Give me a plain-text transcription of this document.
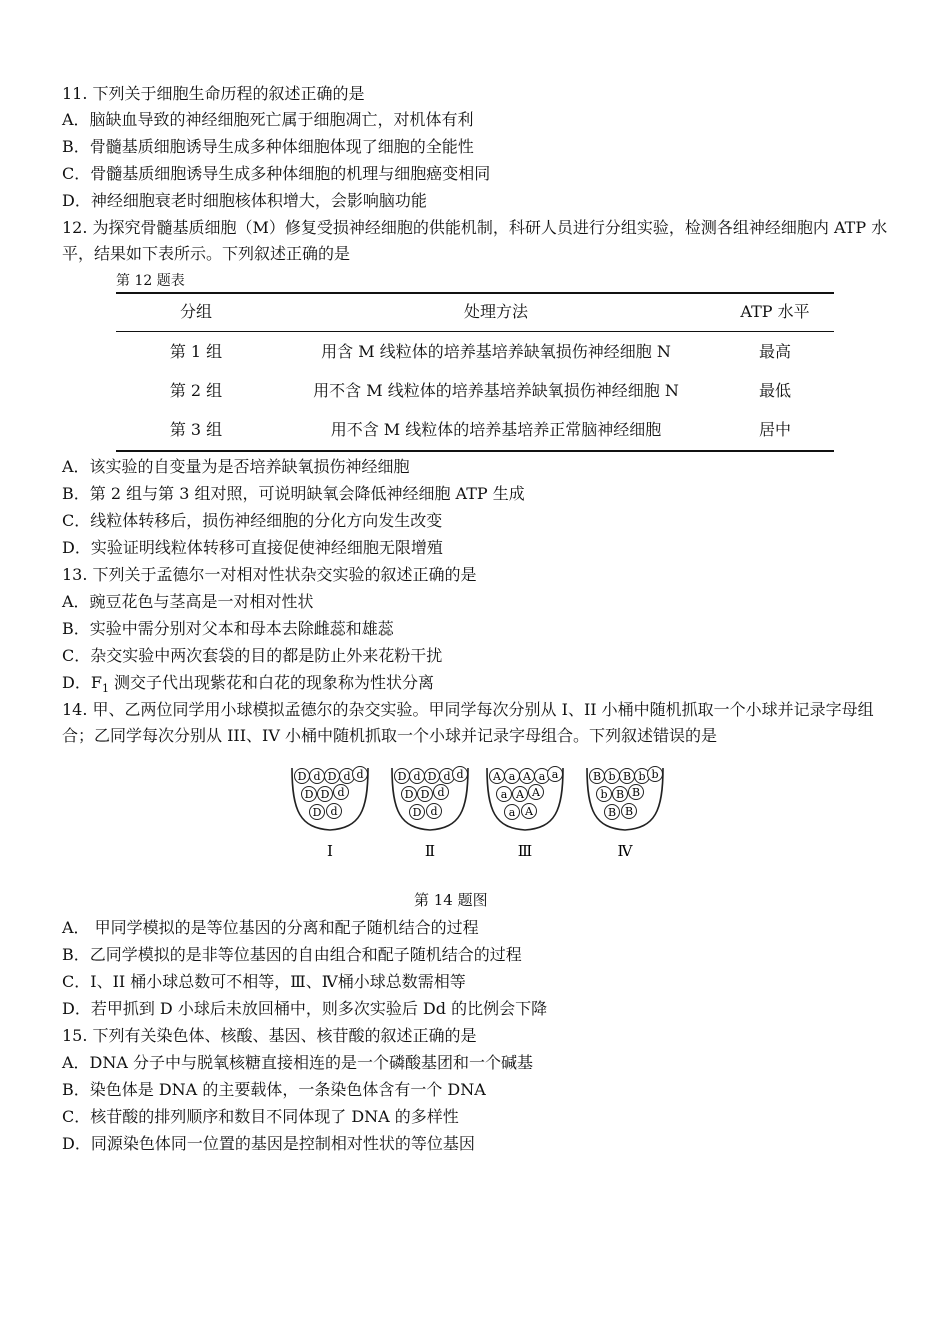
11. 下列关于细胞生命历程的叙述正确的是
A．脑缺血导致的神经细胞死亡属于细胞凋亡，对机体有利
B．骨髓基质细胞诱导生成多种体细胞体现了细胞的全能性
C．骨髓基质细胞诱导生成多种体细胞的机理与细胞癌变相同
D．神经细胞衰老时细胞核体积增大，会影响脑功能
12. 为探究骨髓基质细胞（M）修复受损神经细胞的供能机制，科研人员进行分组实验，检测各组神经细胞内 ATP 水平，结果如下表所示。下列叙述正确的是
第 12 题表
分组	处理方法	ATP 水平
第 1 组	用含 M 线粒体的培养基培养缺氧损伤神经细胞 N	最高
第 2 组	用不含 M 线粒体的培养基培养缺氧损伤神经细胞 N	最低
第 3 组	用不含 M 线粒体的培养基培养正常脑神经细胞	居中
A．该实验的自变量为是否培养缺氧损伤神经细胞
B．第 2 组与第 3 组对照，可说明缺氧会降低神经细胞 ATP 生成
C．线粒体转移后，损伤神经细胞的分化方向发生改变
D．实验证明线粒体转移可直接促使神经细胞无限增殖
13. 下列关于孟德尔一对相对性状杂交实验的叙述正确的是
A．豌豆花色与茎高是一对相对性状
B．实验中需分别对父本和母本去除雌蕊和雄蕊
C．杂交实验中两次套袋的目的都是防止外来花粉干扰
D．$F_1$ 测交子代出现紫花和白花的现象称为性状分离
14. 甲、乙两位同学用小球模拟孟德尔的杂交实验。甲同学每次分别从 I、II 小桶中随机抓取一个小球并记录字母组合；乙同学每次分别从 III、IV 小桶中随机抓取一个小球并记录字母组合。下列叙述错误的是
D d D d d
D D d
D d
Ⅰ
D d D d d
D D d
D d
Ⅱ
A a A a a
a A A
a A
Ⅲ
B b B b b
b B B
B B
Ⅳ
第 14 题图
A． 甲同学模拟的是等位基因的分离和配子随机结合的过程
B．乙同学模拟的是非等位基因的自由组合和配子随机结合的过程
C．I、II 桶小球总数可不相等，Ⅲ、Ⅳ桶小球总数需相等
D．若甲抓到 D 小球后未放回桶中，则多次实验后 Dd 的比例会下降
15. 下列有关染色体、核酸、基因、核苷酸的叙述正确的是
A．DNA 分子中与脱氧核糖直接相连的是一个磷酸基团和一个碱基
B．染色体是 DNA 的主要载体，一条染色体含有一个 DNA
C．核苷酸的排列顺序和数目不同体现了 DNA 的多样性
D．同源染色体同一位置的基因是控制相对性状的等位基因
